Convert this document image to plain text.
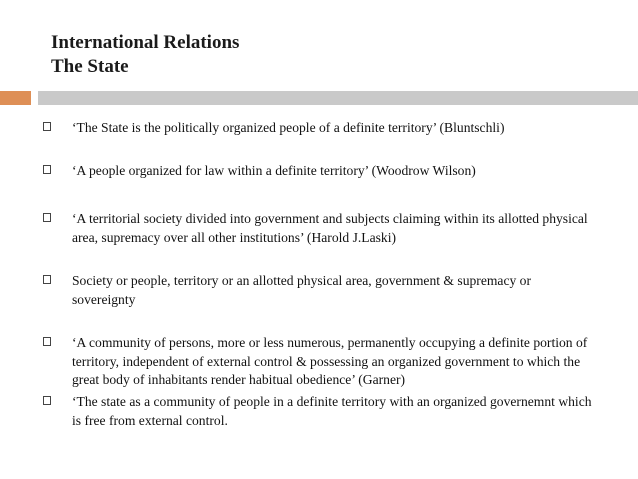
International Relations
The State
‘The State is the politically organized people of a definite territory’ (Bluntschli)
‘A people organized for law within a definite territory’ (Woodrow Wilson)
‘A territorial society divided into government and subjects claiming within its allotted physical area, supremacy over all other institutions’ (Harold J.Laski)
Society or people, territory or an allotted physical area, government & supremacy or sovereignty
‘A community of persons, more or less numerous, permanently occupying a definite portion of territory, independent of external control & possessing an organized government to which the great body of inhabitants render habitual obedience’ (Garner)
‘The state as a community of people in a definite territory with an organized governemnt which is free from external control.
